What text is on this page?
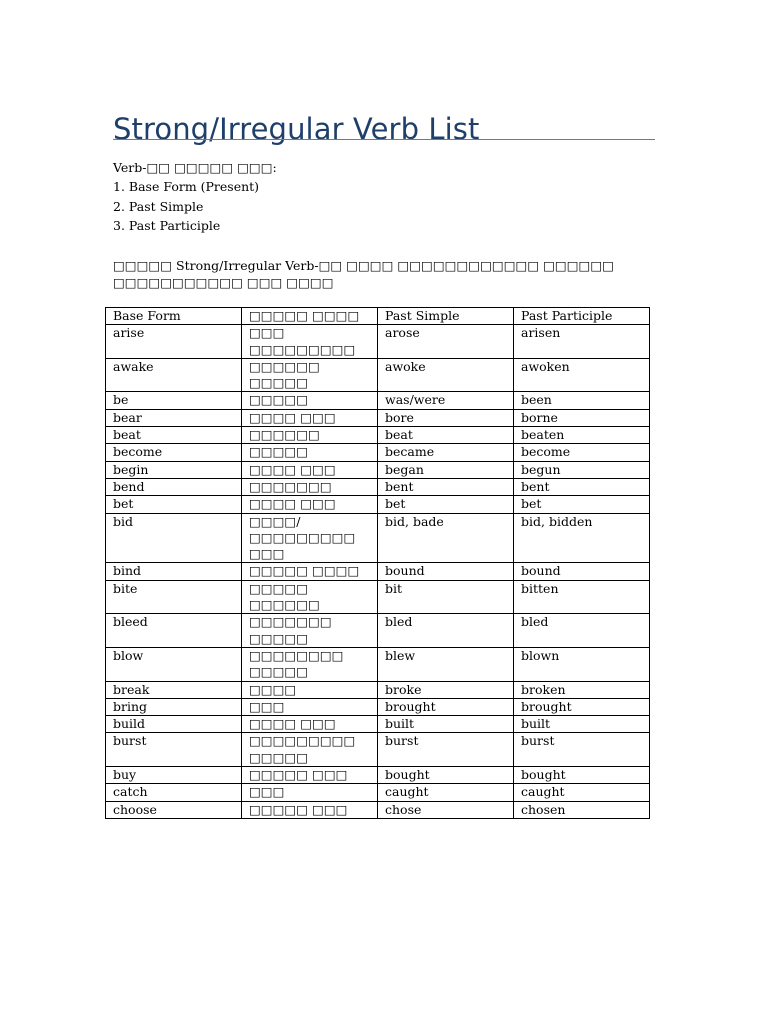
Strong/Irregular Verb List
Verb-□□ □□□□□ □□□:
1. Base Form (Present)
2. Past Simple
3. Past Participle
□□□□□ Strong/Irregular Verb-□□ □□□□ □□□□□□□□□□□□ □□□□□□ □□□□□□□□□□□ □□□ □□□□
Base Form	□□□□□ □□□□	Past Simple	Past Participle
arise	□□□ □□□□□□□□□	arose	arisen
awake	□□□□□□ □□□□□	awoke	awoken
be	□□□□□	was/were	been
bear	□□□□ □□□	bore	borne
beat	□□□□□□	beat	beaten
become	□□□□□	became	become
begin	□□□□ □□□	began	begun
bend	□□□□□□□	bent	bent
bet	□□□□ □□□	bet	bet
bid	□□□□/□□□□□□□□□ □□□	bid, bade	bid, bidden
bind	□□□□□ □□□□	bound	bound
bite	□□□□□ □□□□□□	bit	bitten
bleed	□□□□□□□ □□□□□	bled	bled
blow	□□□□□□□□ □□□□□	blew	blown
break	□□□□	broke	broken
bring	□□□	brought	brought
build	□□□□ □□□	built	built
burst	□□□□□□□□□ □□□□□	burst	burst
buy	□□□□□ □□□	bought	bought
catch	□□□	caught	caught
choose	□□□□□ □□□	chose	chosen
